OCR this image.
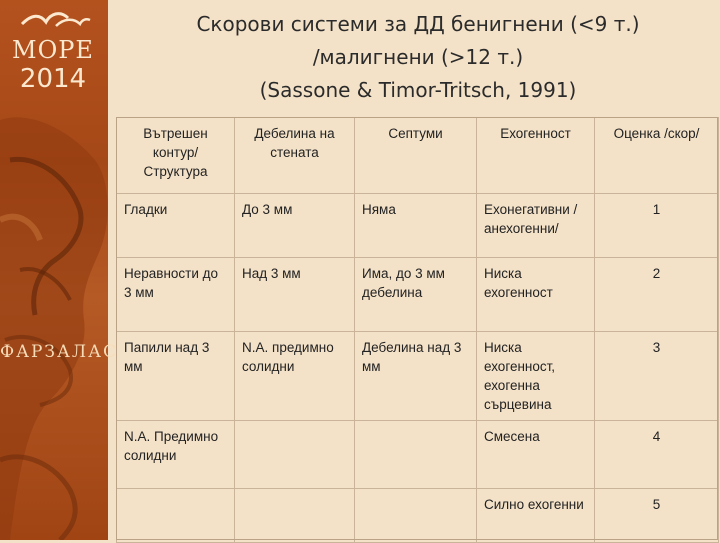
МОРЕ
2014
ФАРЗАЛАС
Скорови системи за ДД бенигнени (<9 т.)
/малигнени (>12 т.)
(Sassone & Timor-Tritsch, 1991)
Вътрешен контур/ Структура	Дебелина на стената	Септуми	Ехогенност	Оценка /скор/
Гладки	До 3 мм	Няма	Ехонегативни /анехогенни/	1
Неравности до 3 мм	Над 3 мм	Има, до 3 мм дебелина	Ниска ехогенност	2
Папили над 3 мм	N.A. предимно солидни	Дебелина над 3 мм	Ниска ехогенност, ехогенна сърцевина	3
N.A. Предимно солидни			Смесена	4
			Силно ехогенни	5
